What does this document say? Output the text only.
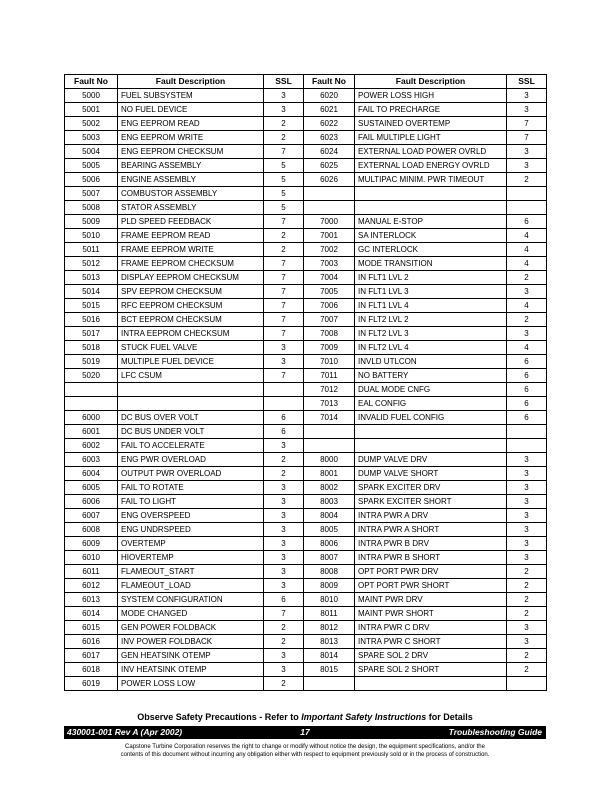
Fault No	Fault Description	SSL	Fault No	Fault Description	SSL
5000	FUEL SUBSYSTEM	3	6020	POWER LOSS HIGH	3
5001	NO FUEL DEVICE	3	6021	FAIL TO PRECHARGE	3
5002	ENG EEPROM READ	2	6022	SUSTAINED OVERTEMP	7
5003	ENG EEPROM WRITE	2	6023	FAIL MULTIPLE LIGHT	7
5004	ENG EEPROM CHECKSUM	7	6024	EXTERNAL LOAD POWER OVRLD	3
5005	BEARING ASSEMBLY	5	6025	EXTERNAL LOAD ENERGY OVRLD	3
5006	ENGINE ASSEMBLY	5	6026	MULTIPAC MINIM. PWR TIMEOUT	2
5007	COMBUSTOR ASSEMBLY	5			
5008	STATOR ASSEMBLY	5			
5009	PLD SPEED FEEDBACK	7	7000	MANUAL E-STOP	6
5010	FRAME EEPROM READ	2	7001	SA INTERLOCK	4
5011	FRAME EEPROM WRITE	2	7002	GC INTERLOCK	4
5012	FRAME EEPROM CHECKSUM	7	7003	MODE TRANSITION	4
5013	DISPLAY EEPROM CHECKSUM	7	7004	IN FLT1 LVL 2	2
5014	SPV EEPROM CHECKSUM	7	7005	IN FLT1 LVL 3	3
5015	RFC EEPROM CHECKSUM	7	7006	IN FLT1 LVL 4	4
5016	BCT EEPROM CHECKSUM	7	7007	IN FLT2 LVL 2	2
5017	INTRA EEPROM CHECKSUM	7	7008	IN FLT2 LVL 3	3
5018	STUCK FUEL VALVE	3	7009	IN FLT2 LVL 4	4
5019	MULTIPLE FUEL DEVICE	3	7010	INVLD UTLCON	6
5020	LFC CSUM	7	7011	NO BATTERY	6
			7012	DUAL MODE CNFG	6
			7013	EAL CONFIG	6
6000	DC BUS OVER VOLT	6	7014	INVALID FUEL CONFIG	6
6001	DC BUS UNDER VOLT	6			
6002	FAIL TO ACCELERATE	3			
6003	ENG PWR OVERLOAD	2	8000	DUMP VALVE DRV	3
6004	OUTPUT PWR OVERLOAD	2	8001	DUMP VALVE SHORT	3
6005	FAIL TO ROTATE	3	8002	SPARK EXCITER DRV	3
6006	FAIL TO LIGHT	3	8003	SPARK EXCITER SHORT	3
6007	ENG OVERSPEED	3	8004	INTRA PWR A DRV	3
6008	ENG UNDRSPEED	3	8005	INTRA PWR A SHORT	3
6009	OVERTEMP	3	8006	INTRA PWR B DRV	3
6010	HIOVERTEMP	3	8007	INTRA PWR B SHORT	3
6011	FLAMEOUT_START	3	8008	OPT PORT PWR DRV	2
6012	FLAMEOUT_LOAD	3	8009	OPT PORT PWR SHORT	2
6013	SYSTEM CONFIGURATION	6	8010	MAINT PWR DRV	2
6014	MODE CHANGED	7	8011	MAINT PWR SHORT	2
6015	GEN POWER FOLDBACK	2	8012	INTRA PWR C DRV	3
6016	INV POWER FOLDBACK	2	8013	INTRA PWR C SHORT	3
6017	GEN HEATSINK OTEMP	3	8014	SPARE SOL 2 DRV	2
6018	INV HEATSINK OTEMP	3	8015	SPARE SOL 2 SHORT	2
6019	POWER LOSS LOW	2			
Observe Safety Precautions - Refer to Important Safety Instructions for Details
17
430001-001 Rev A (Apr 2002)	Troubleshooting Guide
Capstone Turbine Corporation reserves the right to change or modify without notice the design, the equipment specifications, and/or the
contents of this document without incurring any obligation either with respect to equipment previously sold or in the process of construction.
